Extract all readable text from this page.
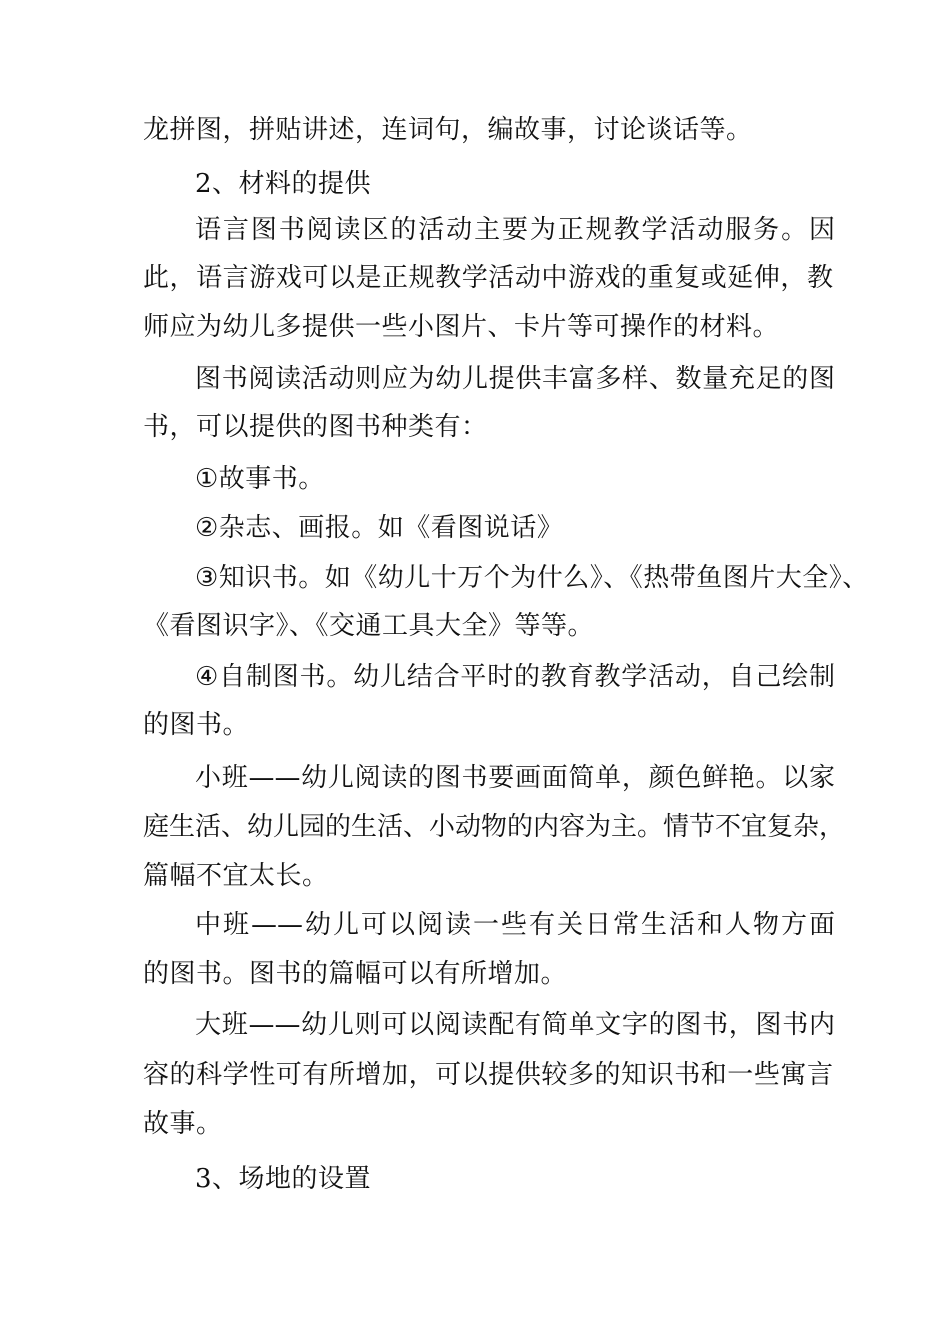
龙拼图，拼贴讲述，连词句，编故事，讨论谈话等。
2、材料的提供
语言图书阅读区的活动主要为正规教学活动服务。因
此，语言游戏可以是正规教学活动中游戏的重复或延伸，教
师应为幼儿多提供一些小图片、卡片等可操作的材料。
图书阅读活动则应为幼儿提供丰富多样、数量充足的图
书，可以提供的图书种类有：
①故事书。
②杂志、画报。如《看图说话》
③知识书。如《幼儿十万个为什么》、《热带鱼图片大全》、
《看图识字》、《交通工具大全》等等。
④自制图书。幼儿结合平时的教育教学活动，自己绘制
的图书。
小班——幼儿阅读的图书要画面简单，颜色鲜艳。以家
庭生活、幼儿园的生活、小动物的内容为主。情节不宜复杂，
篇幅不宜太长。
中班——幼儿可以阅读一些有关日常生活和人物方面
的图书。图书的篇幅可以有所增加。
大班——幼儿则可以阅读配有简单文字的图书，图书内
容的科学性可有所增加，可以提供较多的知识书和一些寓言
故事。
3、场地的设置
